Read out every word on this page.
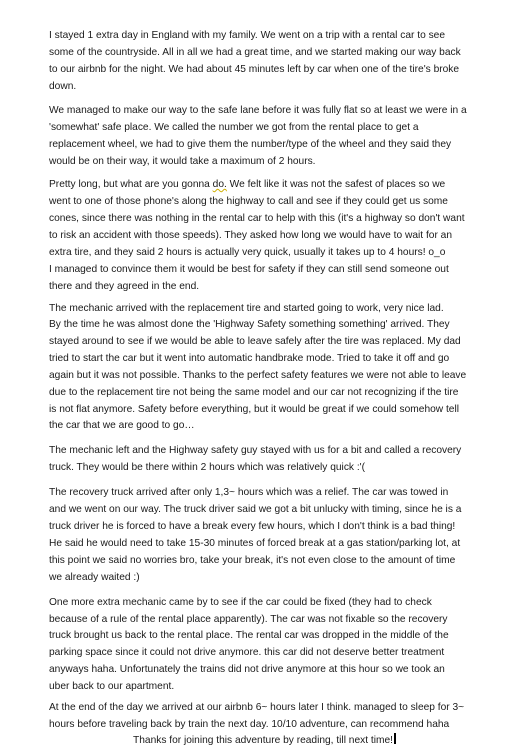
I stayed 1 extra day in England with my family. We went on a trip with a rental car to see

some of the countryside. All in all we had a great time, and we started making our way back

to our airbnb for the night. We had about 45 minutes left by car when one of the tire's broke

down.

We managed to make our way to the safe lane before it was fully flat so at least we were in a

'somewhat' safe place. We called the number we got from the rental place to get a

replacement wheel, we had to give them the number/type of the wheel and they said they

would be on their way, it would take a maximum of 2 hours.

Pretty long, but what are you gonna do. We felt like it was not the safest of places so we

went to one of those phone's along the highway to call and see if they could get us some

cones, since there was nothing in the rental car to help with this (it's a highway so don't want

to risk an accident with those speeds). They asked how long we would have to wait for an

extra tire, and they said 2 hours is actually very quick, usually it takes up to 4 hours! o_o

I managed to convince them it would be best for safety if they can still send someone out

there and they agreed in the end.

The mechanic arrived with the replacement tire and started going to work, very nice lad.

By the time he was almost done the 'Highway Safety something something' arrived. They

stayed around to see if we would be able to leave safely after the tire was replaced. My dad

tried to start the car but it went into automatic handbrake mode. Tried to take it off and go

again but it was not possible. Thanks to the perfect safety features we were not able to leave

due to the replacement tire not being the same model and our car not recognizing if the tire

is not flat anymore. Safety before everything, but it would be great if we could somehow tell

the car that we are good to go…

The mechanic left and the Highway safety guy stayed with us for a bit and called a recovery

truck. They would be there within 2 hours which was relatively quick :'(

The recovery truck arrived after only 1,3~ hours which was a relief. The car was towed in

and we went on our way. The truck driver said we got a bit unlucky with timing, since he is a

truck driver he is forced to have a break every few hours, which I don't think is a bad thing!

He said he would need to take 15-30 minutes of forced break at a gas station/parking lot, at

this point we said no worries bro, take your break, it's not even close to the amount of time

we already waited :)

One more extra mechanic came by to see if the car could be fixed (they had to check

because of a rule of the rental place apparently). The car was not fixable so the recovery

truck brought us back to the rental place. The rental car was dropped in the middle of the

parking space since it could not drive anymore. this car did not deserve better treatment

anyways haha. Unfortunately the trains did not drive anymore at this hour so we took an

uber back to our apartment.

At the end of the day we arrived at our airbnb 6~ hours later I think. managed to sleep for 3~

hours before traveling back by train the next day. 10/10 adventure, can recommend haha

Thanks for joining this adventure by reading, till next time!
